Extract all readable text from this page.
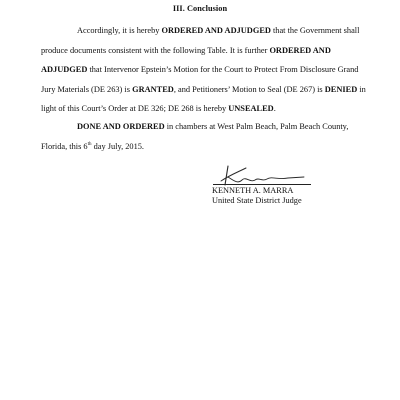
III. Conclusion

Accordingly, it is hereby ORDERED AND ADJUDGED that the Government shall produce documents consistent with the following Table. It is further ORDERED AND ADJUDGED that Intervenor Epstein’s Motion for the Court to Protect From Disclosure Grand Jury Materials (DE 263) is GRANTED, and Petitioners’ Motion to Seal (DE 267) is DENIED in light of this Court’s Order at DE 326; DE 268 is hereby UNSEALED.

DONE AND ORDERED in chambers at West Palm Beach, Palm Beach County, Florida, this 6th day July, 2015.

KENNETH A. MARRA
United State District Judge
